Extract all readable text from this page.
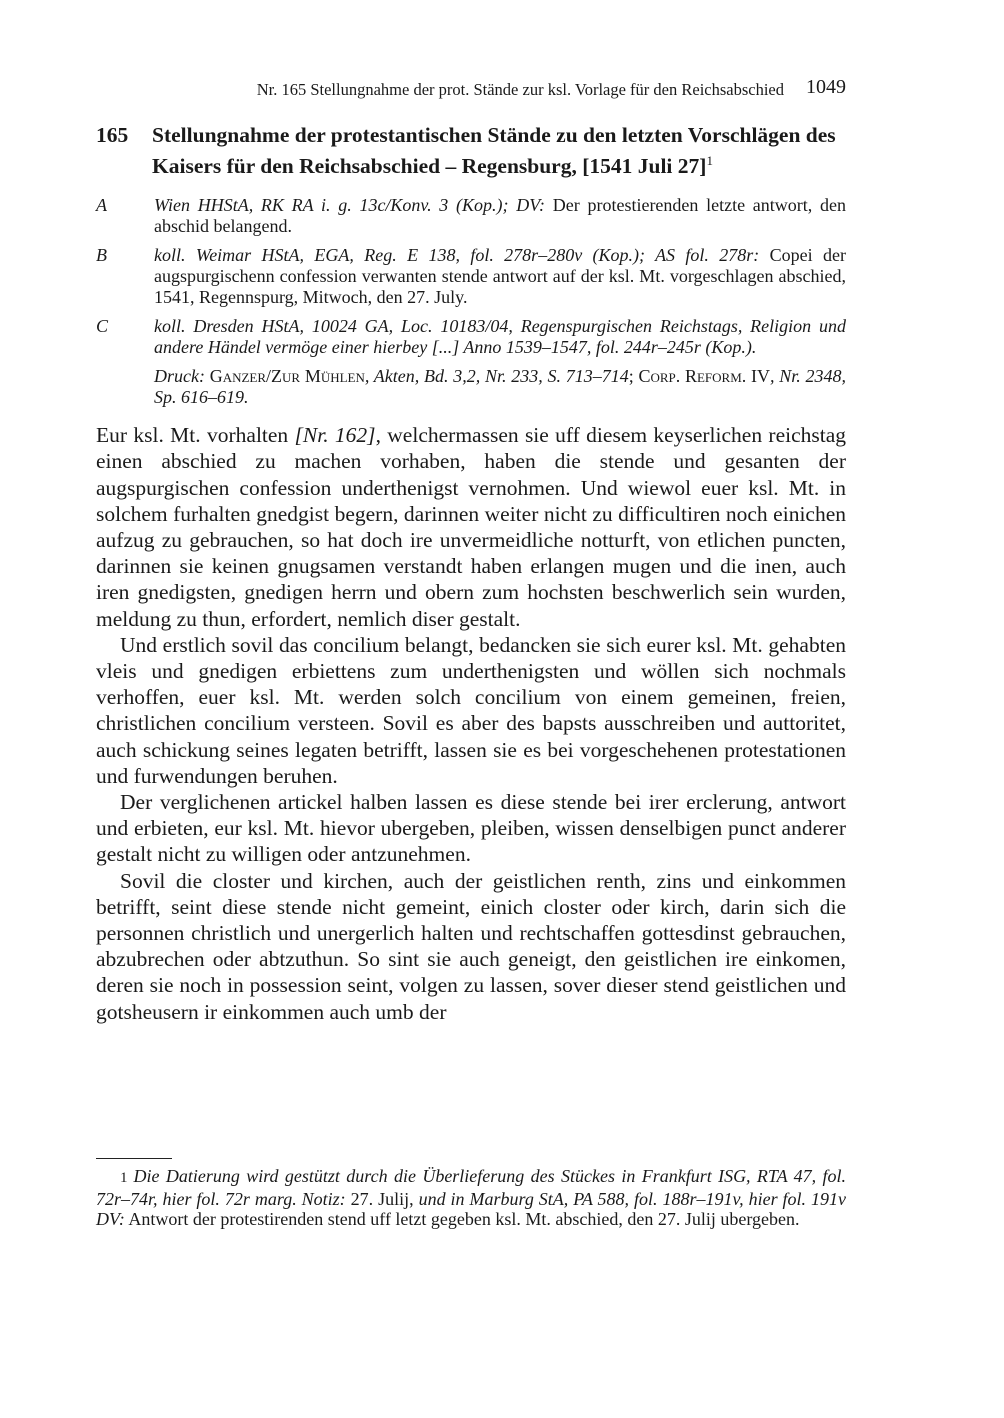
Nr. 165 Stellungnahme der prot. Stände zur ksl. Vorlage für den Reichsabschied 1049
165	Stellungnahme der protestantischen Stände zu den letzten Vorschlägen des Kaisers für den Reichsabschied – Regensburg, [1541 Juli 27]$^1$
A	Wien HHStA, RK RA i. g. 13c/Konv. 3 (Kop.); DV: Der protestierenden letzte antwort, den abschid belangend.
B	koll. Weimar HStA, EGA, Reg. E 138, fol. 278r–280v (Kop.); AS fol. 278r: Copei der augspurgischenn confession verwanten stende antwort auf der ksl. Mt. vorgeschlagen abschied, 1541, Regennspurg, Mitwoch, den 27. July.
C	koll. Dresden HStA, 10024 GA, Loc. 10183/04, Regenspurgischen Reichstags, Religion und andere Händel vermöge einer hierbey [...] Anno 1539–1547, fol. 244r–245r (Kop.).
Druck: Ganzer/Zur Mühlen, Akten, Bd. 3,2, Nr. 233, S. 713–714; Corp. Reform. IV, Nr. 2348, Sp. 616–619.

Eur ksl. Mt. vorhalten [Nr. 162], welchermassen sie uff diesem keyserlichen reichstag einen abschied zu machen vorhaben, haben die stende und gesanten der augspurgischen confession underthenigst vernohmen. Und wiewol euer ksl. Mt. in solchem furhalten gnedgist begern, darinnen weiter nicht zu difficultiren noch einichen aufzug zu gebrauchen, so hat doch ire unvermeidliche notturft, von etlichen puncten, darinnen sie keinen gnugsamen verstandt haben erlangen mugen und die inen, auch iren gnedigsten, gnedigen herrn und obern zum hochsten beschwerlich sein wurden, meldung zu thun, erfordert, nemlich diser gestalt.

Und erstlich sovil das concilium belangt, bedancken sie sich eurer ksl. Mt. gehabten vleis und gnedigen erbiettens zum underthenigsten und wöllen sich nochmals verhoffen, euer ksl. Mt. werden solch concilium von einem gemeinen, freien, christlichen concilium versteen. Sovil es aber des bapsts ausschreiben und auttoritet, auch schickung seines legaten betrifft, lassen sie es bei vorgeschehenen protestationen und furwendungen beruhen.

Der verglichenen artickel halben lassen es diese stende bei irer erclerung, antwort und erbieten, eur ksl. Mt. hievor ubergeben, pleiben, wissen denselbigen punct anderer gestalt nicht zu willigen oder antzunehmen.

Sovil die closter und kirchen, auch der geistlichen renth, zins und einkommen betrifft, seint diese stende nicht gemeint, einich closter oder kirch, darin sich die personnen christlich und unergerlich halten und rechtschaffen gottesdinst gebrauchen, abzubrechen oder abtzuthun. So sint sie auch geneigt, den geistlichen ire einkomen, deren sie noch in possession seint, volgen zu lassen, sover dieser stend geistlichen und gotsheusern ir einkommen auch umb der

1 Die Datierung wird gestützt durch die Überlieferung des Stückes in Frankfurt ISG, RTA 47, fol. 72r–74r, hier fol. 72r marg. Notiz: 27. Julij, und in Marburg StA, PA 588, fol. 188r–191v, hier fol. 191v DV: Antwort der protestirenden stend uff letzt gegeben ksl. Mt. abschied, den 27. Julij ubergeben.
